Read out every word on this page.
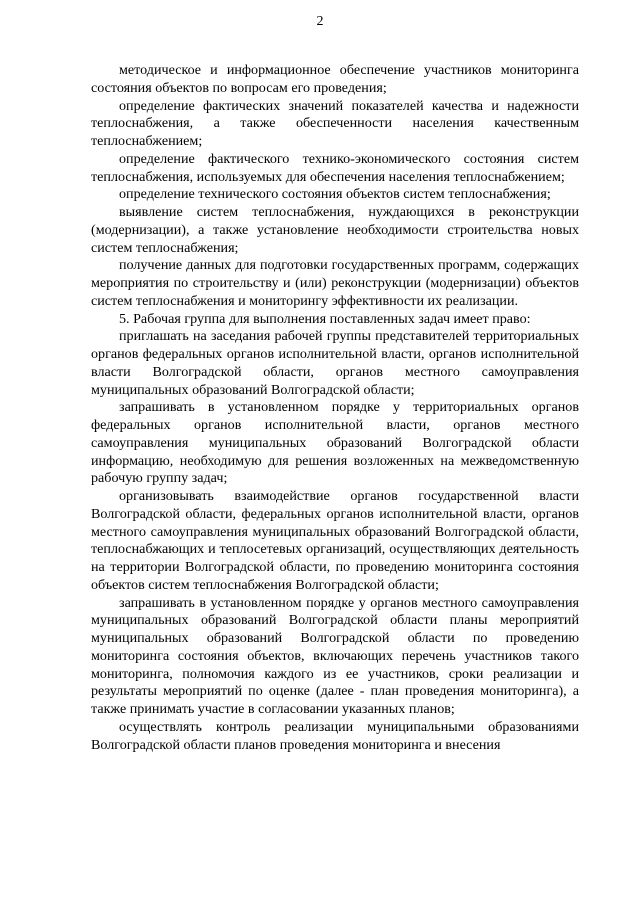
2

методическое и информационное обеспечение участников мониторинга состояния объектов по вопросам его проведения;

определение фактических значений показателей качества и надежности теплоснабжения, а также обеспеченности населения качественным теплоснабжением;

определение фактического технико-экономического состояния систем теплоснабжения, используемых для обеспечения населения теплоснабжением;

определение технического состояния объектов систем теплоснабжения;

выявление систем теплоснабжения, нуждающихся в реконструкции (модернизации), а также установление необходимости строительства новых систем теплоснабжения;

получение данных для подготовки государственных программ, содержащих мероприятия по строительству и (или) реконструкции (модернизации) объектов систем теплоснабжения и мониторингу эффективности их реализации.

5. Рабочая группа для выполнения поставленных задач имеет право:

приглашать на заседания рабочей группы представителей территориальных органов федеральных органов исполнительной власти, органов исполнительной власти Волгоградской области, органов местного самоуправления муниципальных образований Волгоградской области;

запрашивать в установленном порядке у территориальных органов федеральных органов исполнительной власти, органов местного самоуправления муниципальных образований Волгоградской области информацию, необходимую для решения возложенных на межведомственную рабочую группу задач;

организовывать взаимодействие органов государственной власти Волгоградской области, федеральных органов исполнительной власти, органов местного самоуправления муниципальных образований Волгоградской области, теплоснабжающих и теплосетевых организаций, осуществляющих деятельность на территории Волгоградской области, по проведению мониторинга состояния объектов систем теплоснабжения Волгоградской области;

запрашивать в установленном порядке у органов местного самоуправления муниципальных образований Волгоградской области планы мероприятий муниципальных образований Волгоградской области по проведению мониторинга состояния объектов, включающих перечень участников такого мониторинга, полномочия каждого из ее участников, сроки реализации и результаты мероприятий по оценке (далее - план проведения мониторинга), а также принимать участие в согласовании указанных планов;

осуществлять контроль реализации муниципальными образованиями Волгоградской области планов проведения мониторинга и внесения
